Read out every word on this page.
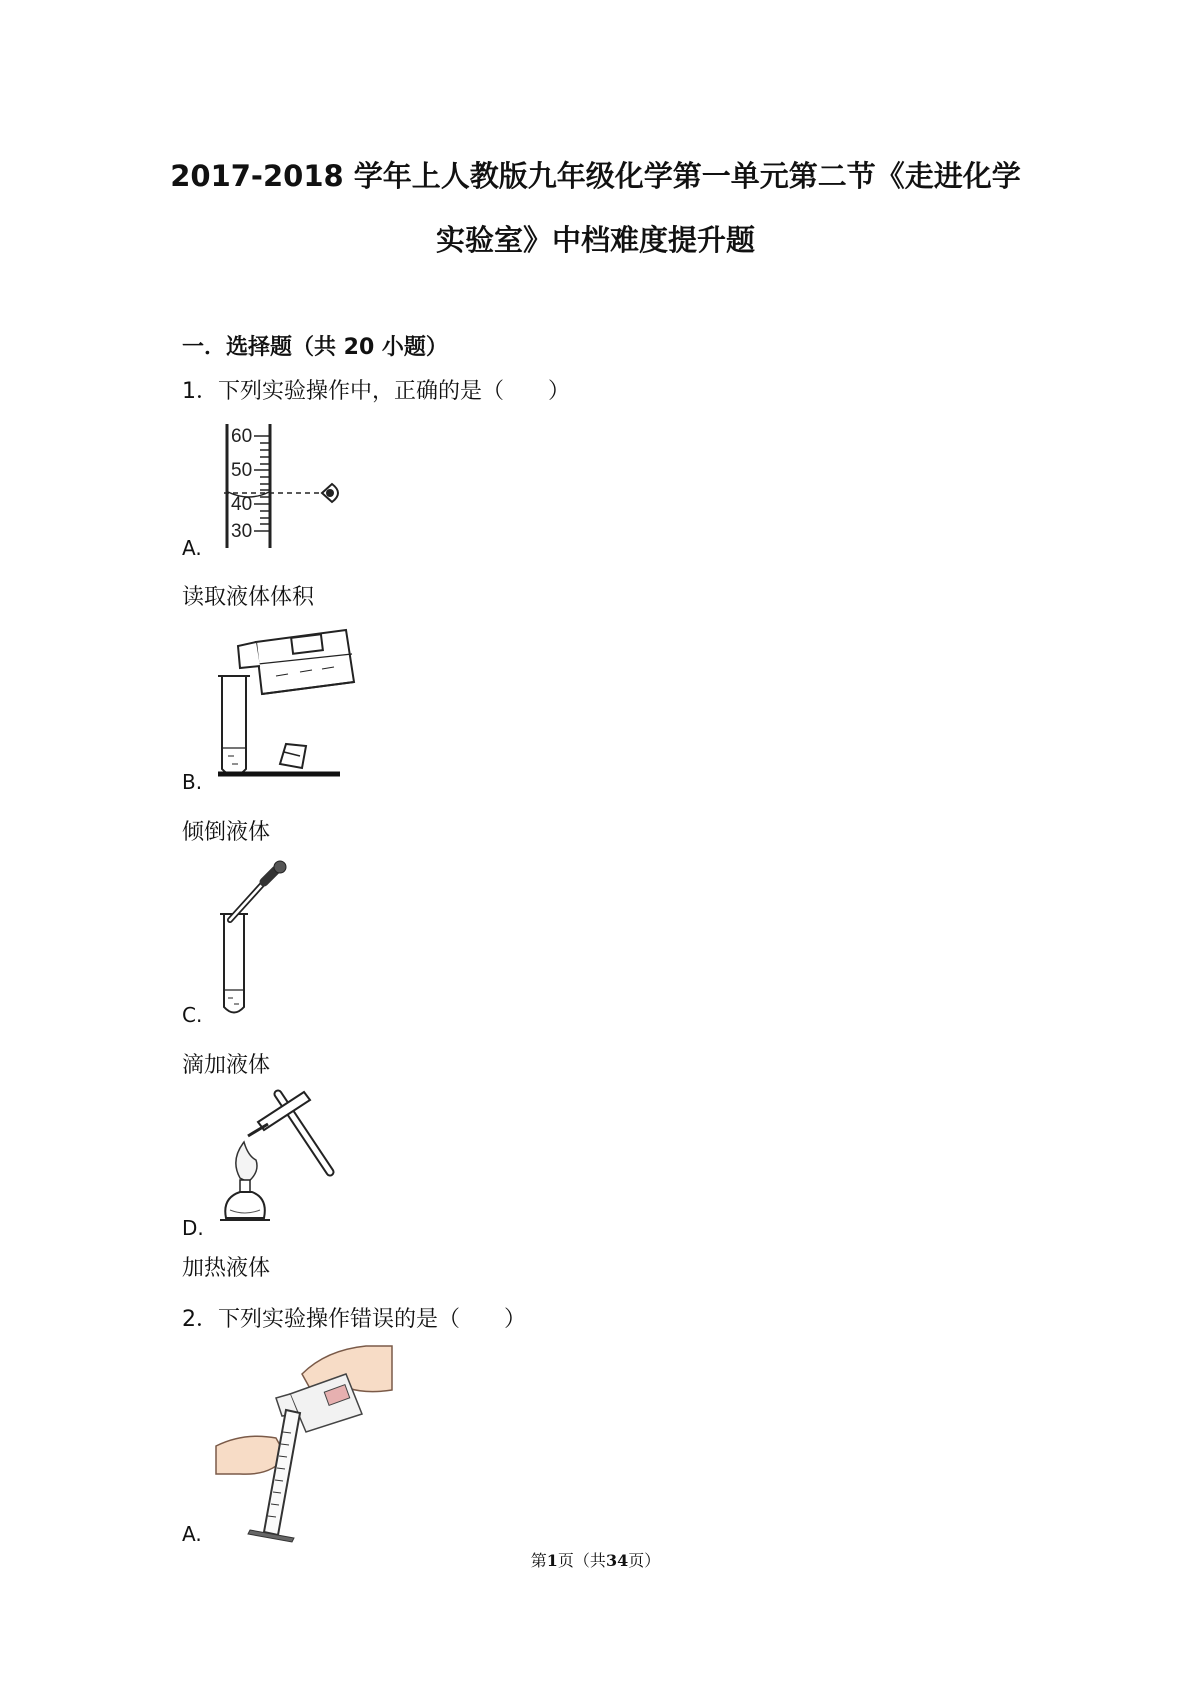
2017-2018 学年上人教版九年级化学第一单元第二节《走进化学
实验室》中档难度提升题
一．选择题（共 20 小题）
1．下列实验操作中，正确的是（　　）
A.
60
50
40
30
读取液体体积
B.
倾倒液体
C.
滴加液体
D.
加热液体
2．下列实验操作错误的是（　　）
A.
第1页（共34页）
